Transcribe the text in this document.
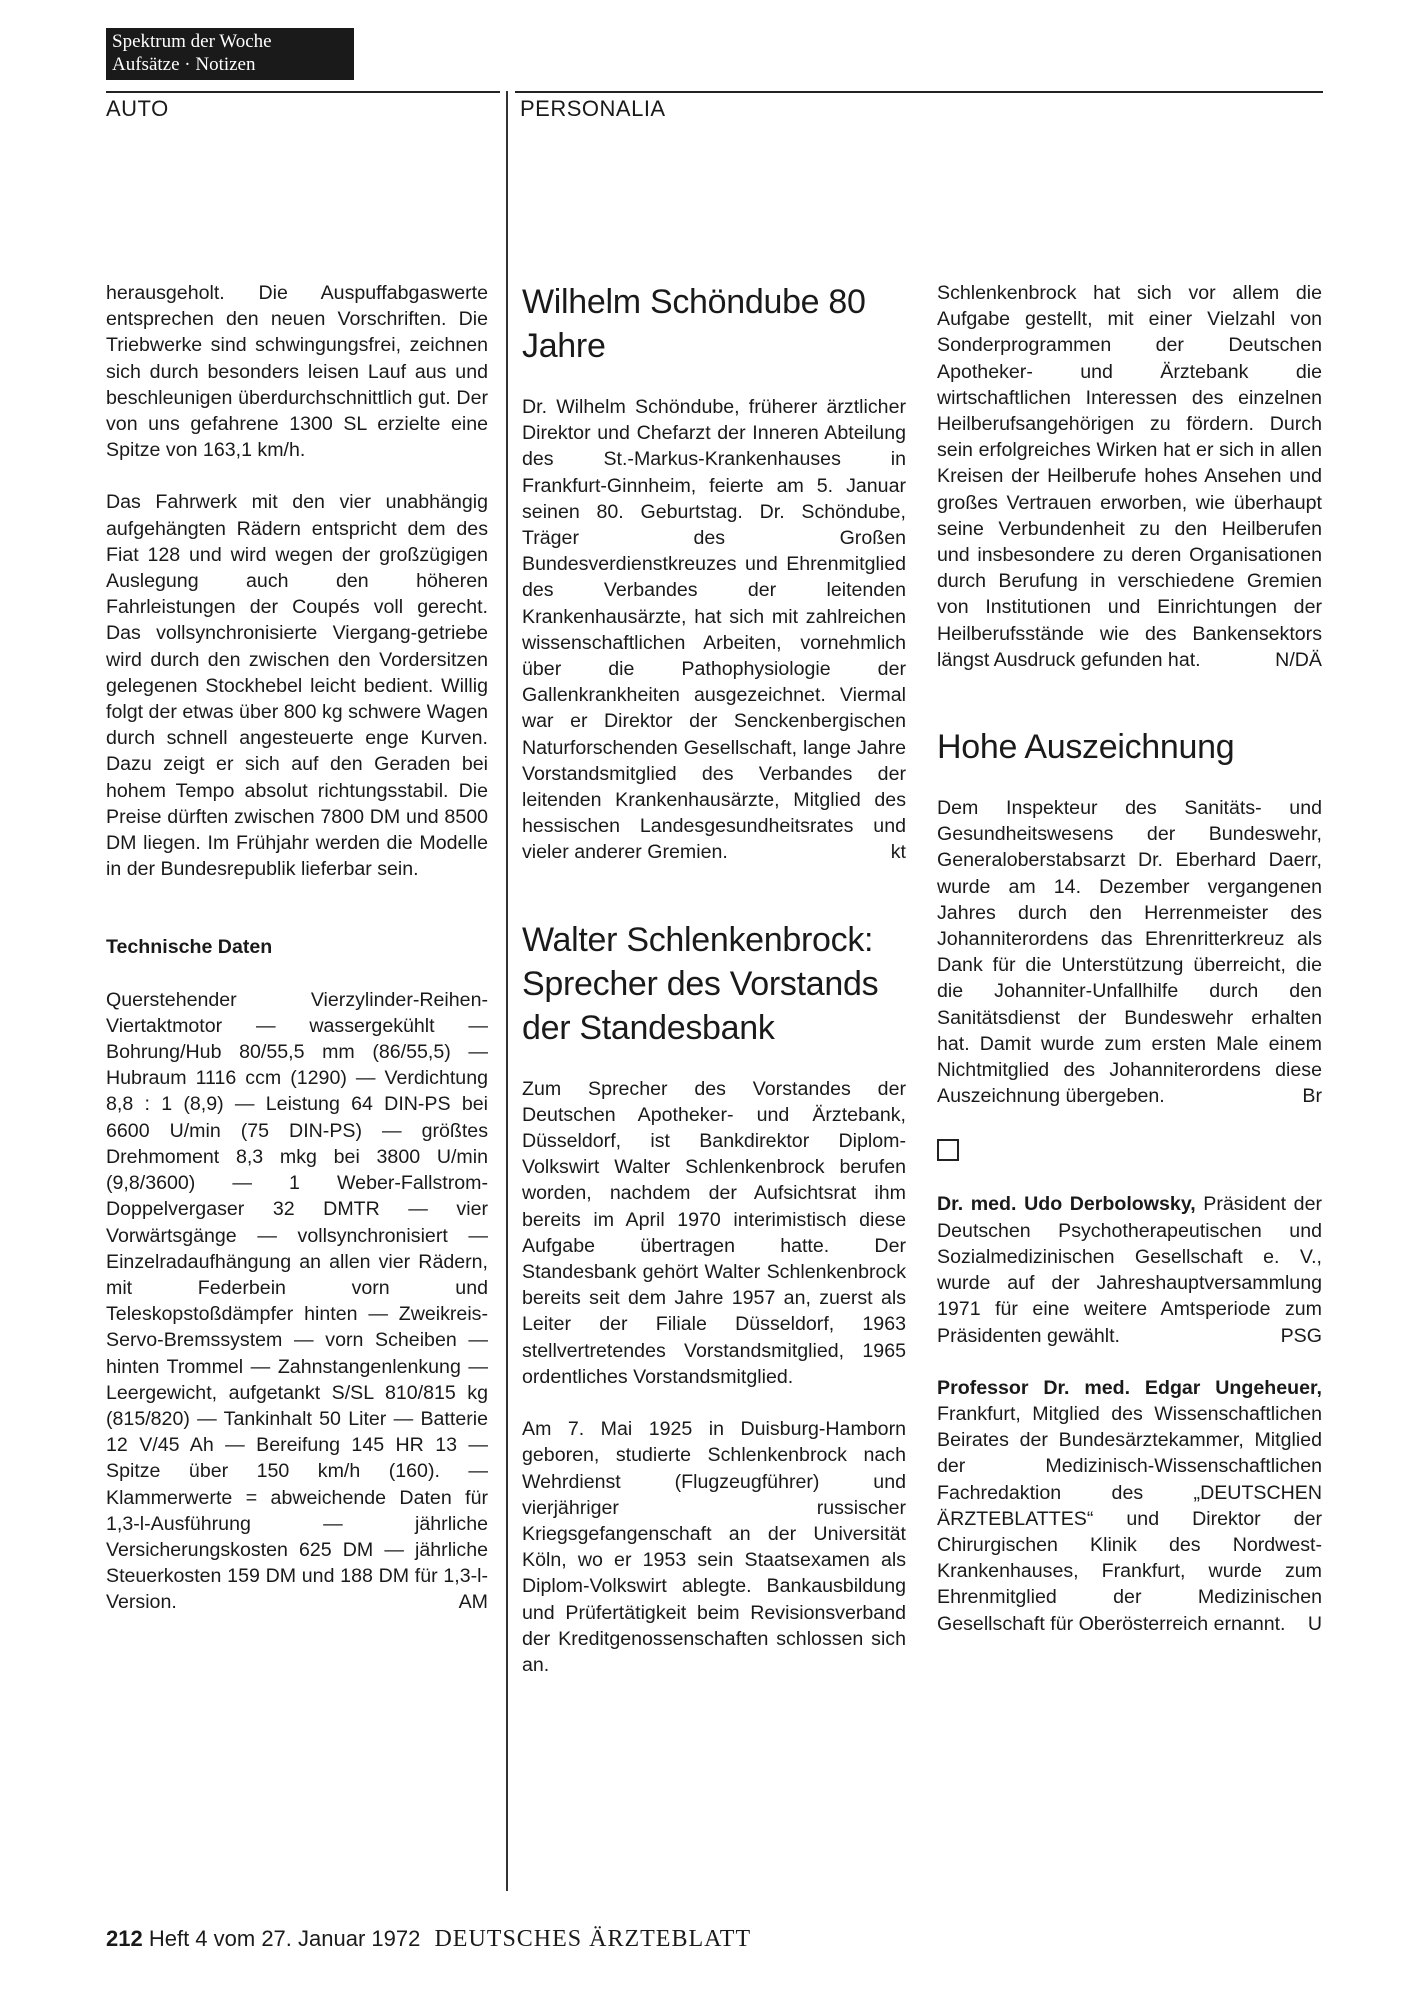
Spektrum der Woche
Aufsätze · Notizen
AUTO	PERSONALIA

herausgeholt. Die Auspuffabgaswerte entsprechen den neuen Vorschriften. Die Triebwerke sind schwingungsfrei, zeichnen sich durch besonders leisen Lauf aus und beschleunigen überdurchschnittlich gut. Der von uns gefahrene 1300 SL erzielte eine Spitze von 163,1 km/h.

Das Fahrwerk mit den vier unabhängig aufgehängten Rädern entspricht dem des Fiat 128 und wird wegen der großzügigen Auslegung auch den höheren Fahrleistungen der Coupés voll gerecht. Das vollsynchronisierte Viergang-getriebe wird durch den zwischen den Vordersitzen gelegenen Stockhebel leicht bedient. Willig folgt der etwas über 800 kg schwere Wagen durch schnell angesteuerte enge Kurven. Dazu zeigt er sich auf den Geraden bei hohem Tempo absolut richtungsstabil. Die Preise dürften zwischen 7800 DM und 8500 DM liegen. Im Frühjahr werden die Modelle in der Bundesrepublik lieferbar sein.

Technische Daten

Querstehender Vierzylinder-Reihen-Viertaktmotor — wassergekühlt — Bohrung/Hub 80/55,5 mm (86/55,5) — Hubraum 1116 ccm (1290) — Verdichtung 8,8 : 1 (8,9) — Leistung 64 DIN-PS bei 6600 U/min (75 DIN-PS) — größtes Drehmoment 8,3 mkg bei 3800 U/min (9,8/3600) — 1 Weber-Fallstrom-Doppelvergaser 32 DMTR — vier Vorwärtsgänge — vollsynchronisiert — Einzelradaufhängung an allen vier Rädern, mit Federbein vorn und Teleskopstoßdämpfer hinten — Zweikreis-Servo-Bremssystem — vorn Scheiben — hinten Trommel — Zahnstangenlenkung — Leergewicht, aufgetankt S/SL 810/815 kg (815/820) — Tankinhalt 50 Liter — Batterie 12 V/45 Ah — Bereifung 145 HR 13 — Spitze über 150 km/h (160). — Klammerwerte = abweichende Daten für 1,3-l-Ausführung — jährliche Versicherungskosten 625 DM — jährliche Steuerkosten 159 DM und 188 DM für 1,3-l-Version.	AM

Wilhelm Schöndube 80 Jahre

Dr. Wilhelm Schöndube, früherer ärztlicher Direktor und Chefarzt der Inneren Abteilung des St.-Markus-Krankenhauses in Frankfurt-Ginnheim, feierte am 5. Januar seinen 80. Geburtstag. Dr. Schöndube, Träger des Großen Bundesverdienstkreuzes und Ehrenmitglied des Verbandes der leitenden Krankenhausärzte, hat sich mit zahlreichen wissenschaftlichen Arbeiten, vornehmlich über die Pathophysiologie der Gallenkrankheiten ausgezeichnet. Viermal war er Direktor der Senckenbergischen Naturforschenden Gesellschaft, lange Jahre Vorstandsmitglied des Verbandes der leitenden Krankenhausärzte, Mitglied des hessischen Landesgesundheitsrates und vieler anderer Gremien.	kt

Walter Schlenkenbrock: Sprecher des Vorstands der Standesbank

Zum Sprecher des Vorstandes der Deutschen Apotheker- und Ärztebank, Düsseldorf, ist Bankdirektor Diplom-Volkswirt Walter Schlenkenbrock berufen worden, nachdem der Aufsichtsrat ihm bereits im April 1970 interimistisch diese Aufgabe übertragen hatte. Der Standesbank gehört Walter Schlenkenbrock bereits seit dem Jahre 1957 an, zuerst als Leiter der Filiale Düsseldorf, 1963 stellvertretendes Vorstandsmitglied, 1965 ordentliches Vorstandsmitglied.

Am 7. Mai 1925 in Duisburg-Hamborn geboren, studierte Schlenkenbrock nach Wehrdienst (Flugzeugführer) und vierjähriger russischer Kriegsgefangenschaft an der Universität Köln, wo er 1953 sein Staatsexamen als Diplom-Volkswirt ablegte. Bankausbildung und Prüfertätigkeit beim Revisionsverband der Kreditgenossenschaften schlossen sich an.

Schlenkenbrock hat sich vor allem die Aufgabe gestellt, mit einer Vielzahl von Sonderprogrammen der Deutschen Apotheker- und Ärztebank die wirtschaftlichen Interessen des einzelnen Heilberufsangehörigen zu fördern. Durch sein erfolgreiches Wirken hat er sich in allen Kreisen der Heilberufe hohes Ansehen und großes Vertrauen erworben, wie überhaupt seine Verbundenheit zu den Heilberufen und insbesondere zu deren Organisationen durch Berufung in verschiedene Gremien von Institutionen und Einrichtungen der Heilberufsstände wie des Bankensektors längst Ausdruck gefunden hat.	N/DÄ

Hohe Auszeichnung

Dem Inspekteur des Sanitäts- und Gesundheitswesens der Bundeswehr, Generaloberstabsarzt Dr. Eberhard Daerr, wurde am 14. Dezember vergangenen Jahres durch den Herrenmeister des Johanniterordens das Ehrenritterkreuz als Dank für die Unterstützung überreicht, die die Johanniter-Unfallhilfe durch den Sanitätsdienst der Bundeswehr erhalten hat. Damit wurde zum ersten Male einem Nichtmitglied des Johanniterordens diese Auszeichnung übergeben.	Br

Dr. med. Udo Derbolowsky, Präsident der Deutschen Psychotherapeutischen und Sozialmedizinischen Gesellschaft e. V., wurde auf der Jahreshauptversammlung 1971 für eine weitere Amtsperiode zum Präsidenten gewählt.	PSG

Professor Dr. med. Edgar Ungeheuer, Frankfurt, Mitglied des Wissenschaftlichen Beirates der Bundesärztekammer, Mitglied der Medizinisch-Wissenschaftlichen Fachredaktion des „DEUTSCHEN ÄRZTEBLATTES“ und Direktor der Chirurgischen Klinik des Nordwest-Krankenhauses, Frankfurt, wurde zum Ehrenmitglied der Medizinischen Gesellschaft für Oberösterreich ernannt. U

212 Heft 4 vom 27. Januar 1972 DEUTSCHES ÄRZTEBLATT
